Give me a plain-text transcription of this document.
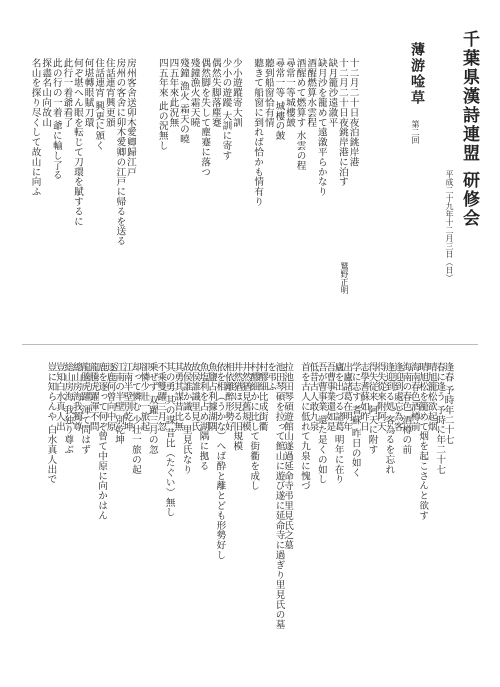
千葉県漢詩連盟 研修会
平成二十九年十二月三日（日）
薄游唫草
第二回
鷲野正明
十二月二十日夜泊銚岸港
十二月二十日夜銚岸港に泊す
缺月籠沙遠漵平
缺月沙を籠めて遠漵平らかなり
酒醒燃算水雲程
酒醒めて燃算す 水雲の程
尋常一等城樓皷
尋常一等 城樓の皷
聽到船窗恰有情
聽きて船窗に到れば恰かも情有り
少小遊蹤寄大訓
少小の遊蹤 大訓に寄す
偶然失脚落塵蹇
偶然脚を失して塵蹇に落つ
殘鐘漁火霜天曉
殘鐘 漁火 霜天の曉
四五年來此況無
四五年來 此の況無し
房州客舍送卯木愛卿歸江戸
房州の客舍に卯木愛卿の江戸に帰るを送る
住話連宵興更頒
住話連宵 興更に頒く
何堪轉眼賦刀環
何ぞ堪へん眼を転じて刀環を賦するに
此行一着爺看了
此の行の一着 爺に輸し了る
探盡名山向故山
名山を探り尽くして故山に向ふ
逢春 予時年二十七
春に逢う 予時に年二十七
晴旭籠松欲起烟
晴旭松を籠めて烟を起こさんと欲す
海南春色酒樽前
海南の春色 酒樽の前
逢迎到處忘為客
逢迎到る処 客為るを忘れ
得失從來附阿天
得失従来 阿天に附す
志學耆蘇如昨日
学に志す 耆蘇 昨日の如く
出廬諸葛在明年
廬を出づる諸葛 明年に在り
吾曹事業還如是
吾が曹事業 還た是くの如し
低昔古人敢九泉
首を古人に低れて九泉に愧づ
拉池田琴碩遊館山遂過延命寺弔里見氏之墓
池田琴碩を拉って館山に遊び遂に延命寺に過ぎり里見氏の墓
を弔ふ
村醪細比成街衢
村醪細かに比して街衢を成し
井然猶見舊規模
井然猶ほ見る旧規模
相依離醉形勢好
依を相（うかな）へば酔と離とども形勢好し
魚鹽占利據湖隅
魚塩利を占め湖隅に拠る
故侯誰識里見氏
故侯誰か識る 里見氏なり
其勇其謀昔比無
其の勇 其の謀 昔比（たぐい）無し
不乘雙躍三月忽
乗ぜず 双躍三月の忽
卻憐少壯一旅起
却って憐む 少壮一旅の起
江南半壁別乾坤
江南の半壁 別乾坤
逐鹿何曾向中原
鹿を逐って何ぞ曾て中原に向かはん
龍騰虎躍渾不問
龍騰虎躍 渾て問はず
總山房海我獨尊
総山房海 我独り尊ぶ
豈知白水真人出
豈に知らんや 白水真人出で
